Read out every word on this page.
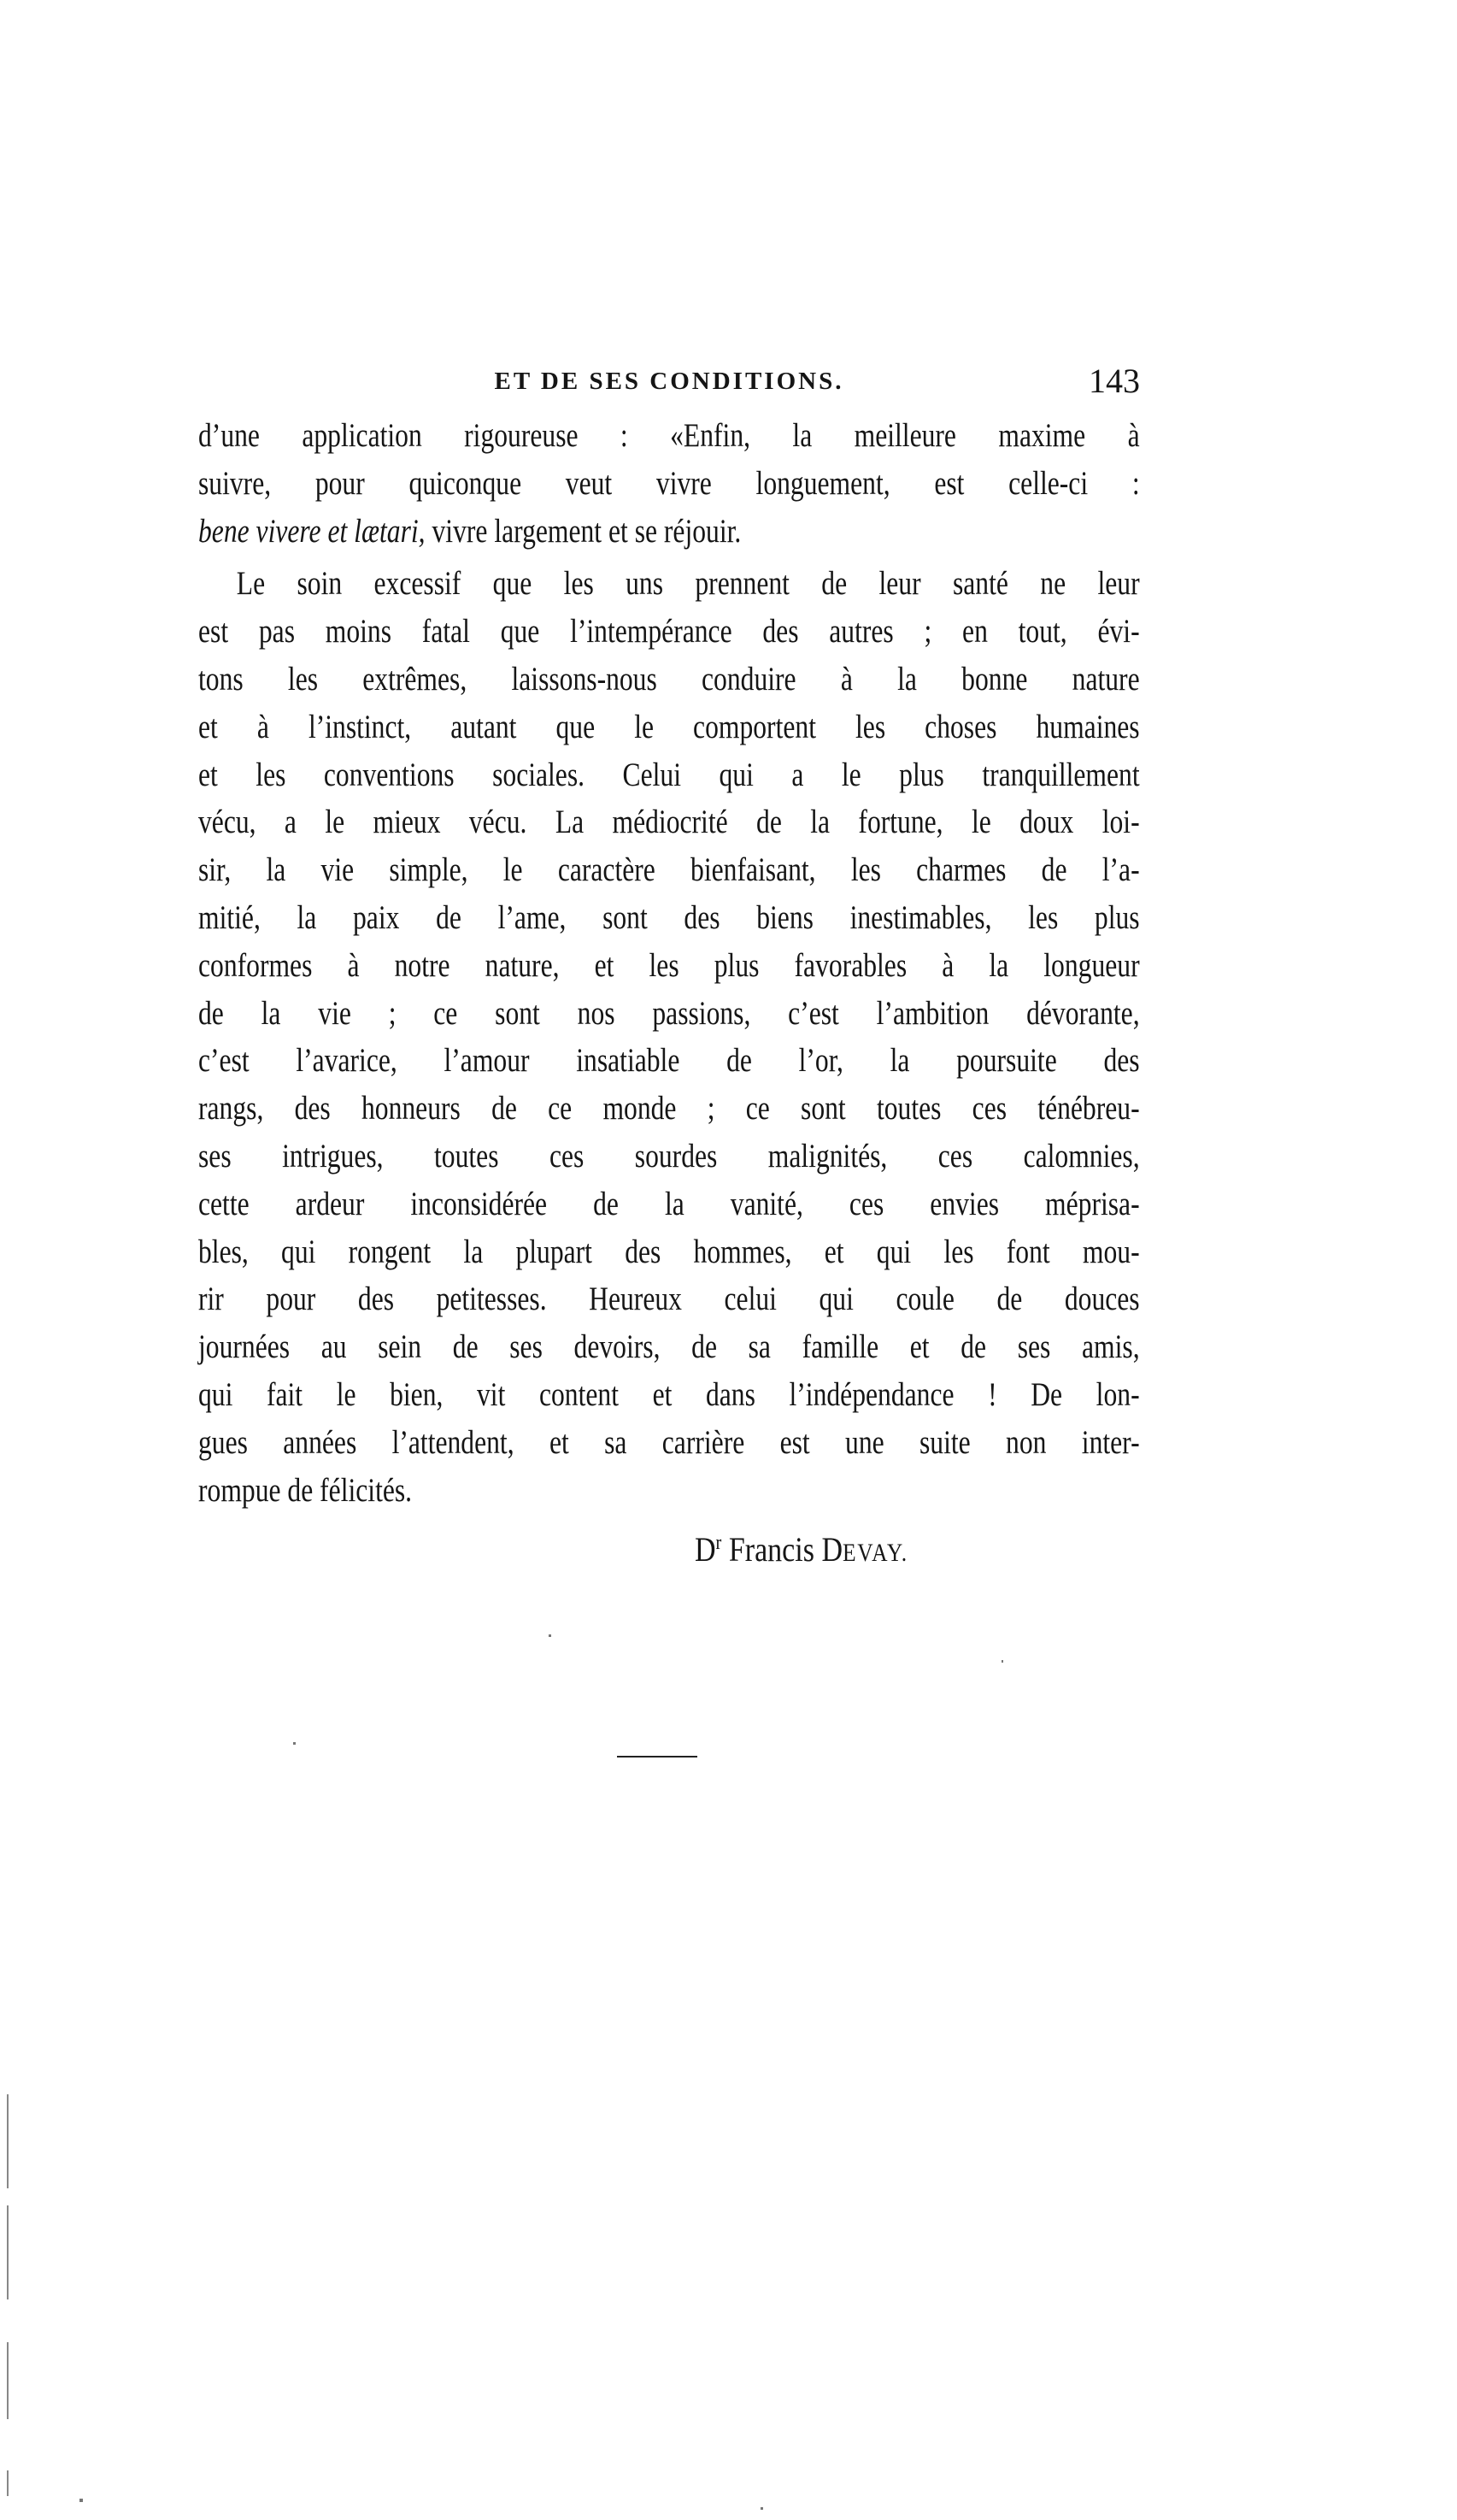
ET DE SES CONDITIONS.	143
d’une application rigoureuse : «Enfin, la meilleure maxime à
suivre, pour quiconque veut vivre longuement, est celle-ci :
bene vivere et lætari, vivre largement et se réjouir.
Le soin excessif que les uns prennent de leur santé ne leur
est pas moins fatal que l’intempérance des autres ; en tout, évi-
tons les extrêmes, laissons-nous conduire à la bonne nature
et à l’instinct, autant que le comportent les choses humaines
et les conventions sociales. Celui qui a le plus tranquillement
vécu, a le mieux vécu. La médiocrité de la fortune, le doux loi-
sir, la vie simple, le caractère bienfaisant, les charmes de l’a-
mitié, la paix de l’ame, sont des biens inestimables, les plus
conformes à notre nature, et les plus favorables à la longueur
de la vie ; ce sont nos passions, c’est l’ambition dévorante,
c’est l’avarice, l’amour insatiable de l’or, la poursuite des
rangs, des honneurs de ce monde ; ce sont toutes ces ténébreu-
ses intrigues, toutes ces sourdes malignités, ces calomnies,
cette ardeur inconsidérée de la vanité, ces envies méprisa-
bles, qui rongent la plupart des hommes, et qui les font mou-
rir pour des petitesses. Heureux celui qui coule de douces
journées au sein de ses devoirs, de sa famille et de ses amis,
qui fait le bien, vit content et dans l’indépendance ! De lon-
gues années l’attendent, et sa carrière est une suite non inter-
rompue de félicités.
$D^r$ Francis DEVAY.
